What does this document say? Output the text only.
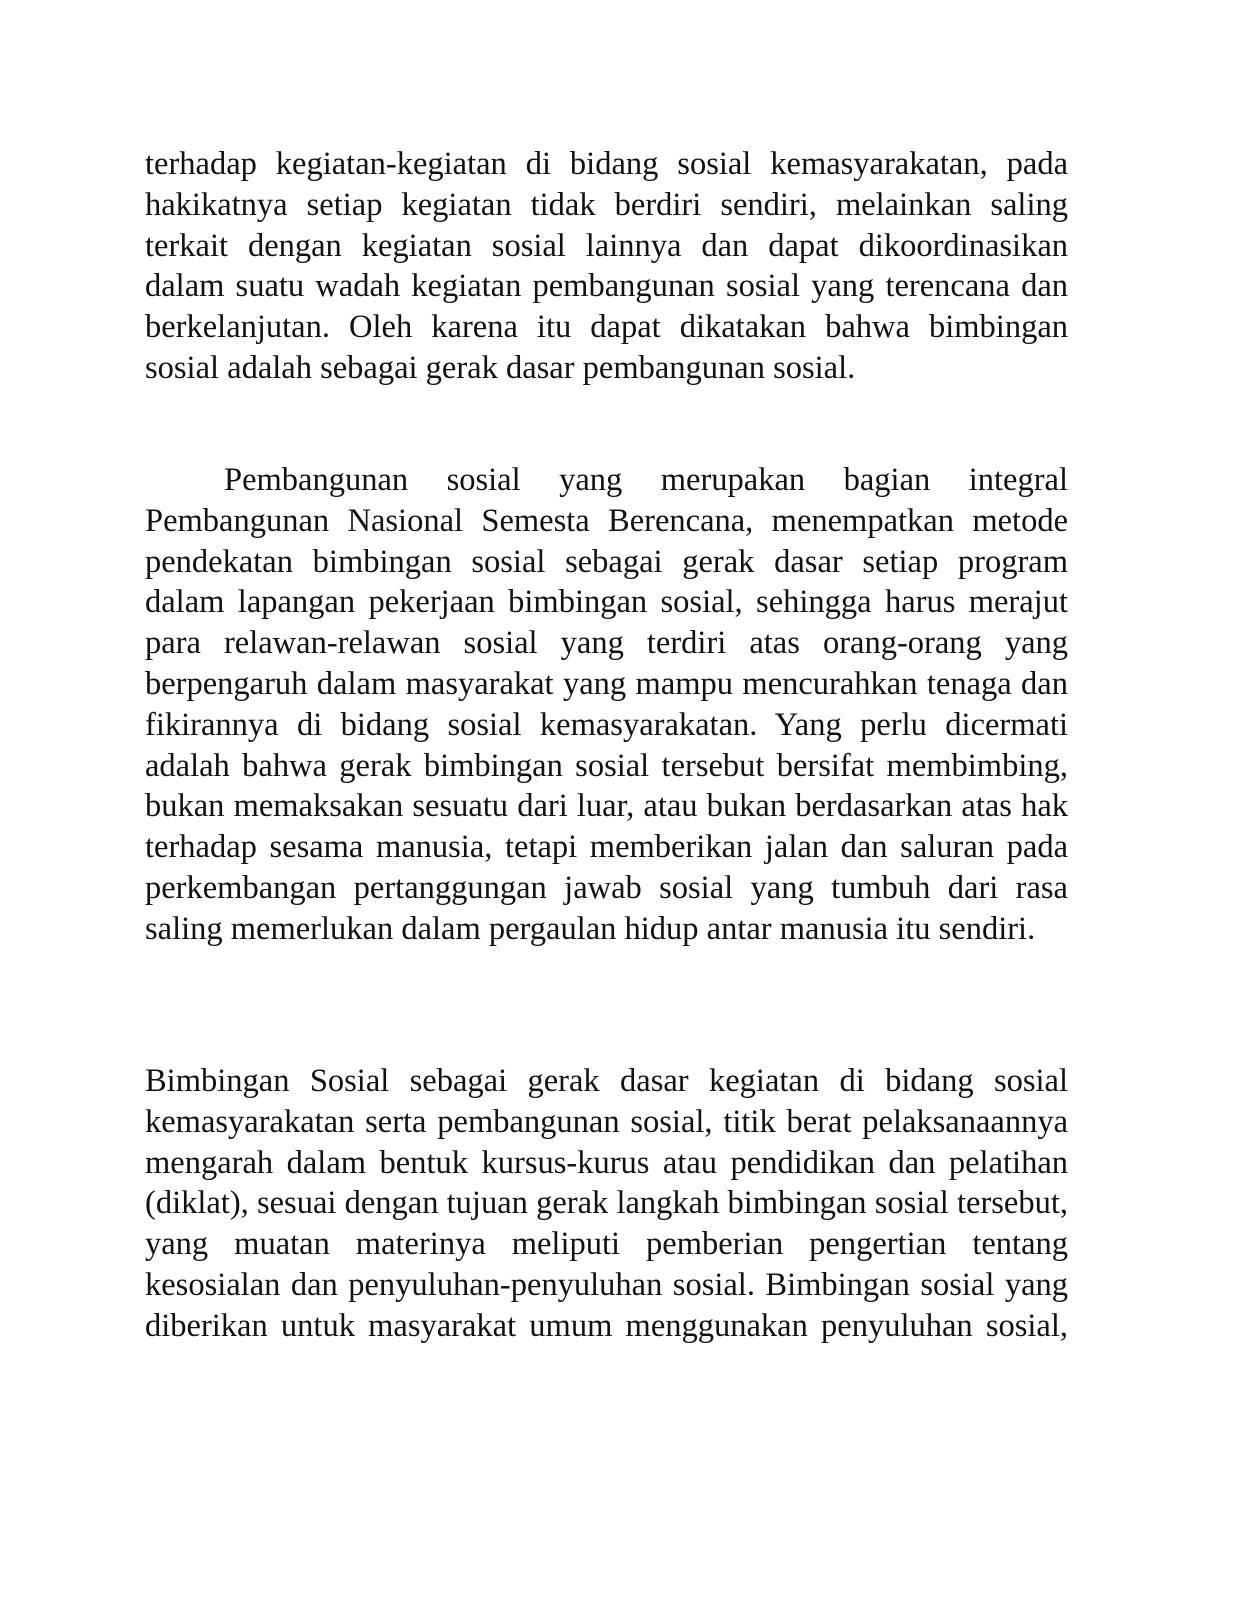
terhadap kegiatan-kegiatan di bidang sosial kemasyarakatan, pada hakikatnya setiap kegiatan tidak berdiri sendiri, melainkan saling terkait dengan kegiatan sosial lainnya dan dapat dikoordinasikan dalam suatu wadah kegiatan pembangunan sosial yang terencana dan berkelanjutan. Oleh karena itu dapat dikatakan bahwa bimbingan sosial adalah sebagai gerak dasar pembangunan sosial.

Pembangunan sosial yang merupakan bagian integral Pembangunan Nasional Semesta Berencana, menempatkan metode pendekatan bimbingan sosial sebagai gerak dasar setiap program dalam lapangan pekerjaan bimbingan sosial, sehingga harus merajut para relawan-relawan sosial yang terdiri atas orang-orang yang berpengaruh dalam masyarakat yang mampu mencurahkan tenaga dan fikirannya di bidang sosial kemasyarakatan. Yang perlu dicermati adalah bahwa gerak bimbingan sosial tersebut bersifat membimbing, bukan memaksakan sesuatu dari luar, atau bukan berdasarkan atas hak terhadap sesama manusia, tetapi memberikan jalan dan saluran pada perkembangan pertanggungan jawab sosial yang tumbuh dari rasa saling memerlukan dalam pergaulan hidup antar manusia itu sendiri.

Bimbingan Sosial sebagai gerak dasar kegiatan di bidang sosial kemasyarakatan serta pembangunan sosial, titik berat pelaksanaannya mengarah dalam bentuk kursus-kurus atau pendidikan dan pelatihan (diklat), sesuai dengan tujuan gerak langkah bimbingan sosial tersebut, yang muatan materinya meliputi pemberian pengertian tentang kesosialan dan penyuluhan-penyuluhan sosial. Bimbingan sosial yang diberikan untuk masyarakat umum menggunakan penyuluhan sosial,
